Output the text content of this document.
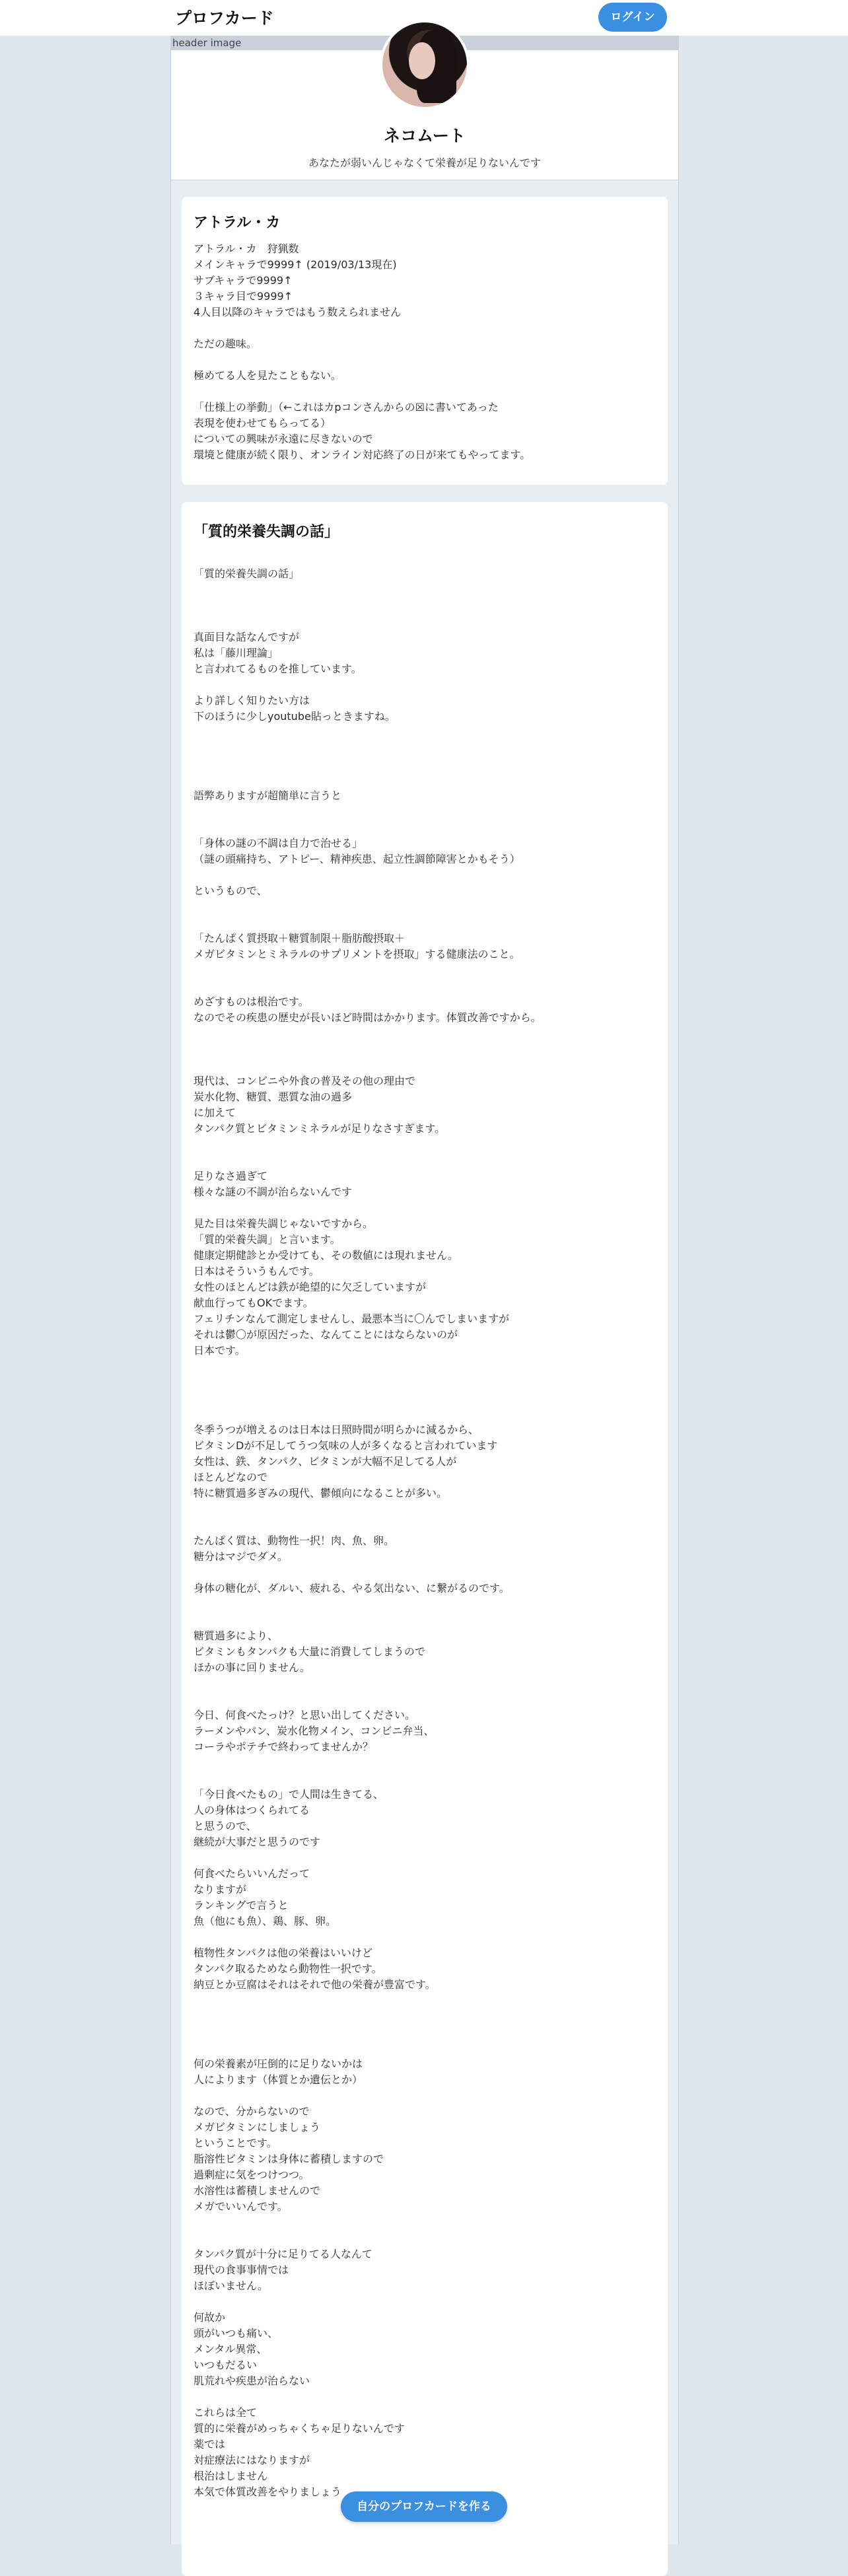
プロフカード	ログイン
header image
ネコムート
あなたが弱いんじゃなくて栄養が足りないんです
アトラル・カ
アトラル・カ　狩猟数
メインキャラで9999↑ (2019/03/13現在)
サブキャラで9999↑
３キャラ目で9999↑
4人目以降のキャラではもう数えられません

ただの趣味。

極めてる人を見たこともない。

「仕様上の挙動」（←これはカpコンさんからの☒に書いてあった
表現を使わせてもらってる）
についての興味が永遠に尽きないので
環境と健康が続く限り、オンライン対応終了の日が来てもやってます。
「質的栄養失調の話」
「質的栄養失調の話」

真面目な話なんですが
私は「藤川理論」
と言われてるものを推しています。

より詳しく知りたい方は
下のほうに少しyoutube貼っときますね。

語弊ありますが超簡単に言うと

「身体の謎の不調は自力で治せる」
（謎の頭痛持ち、アトピー、精神疾患、起立性調節障害とかもそう）

というもので、

「たんぱく質摂取＋糖質制限＋脂肪酸摂取＋
メガビタミンとミネラルのサプリメントを摂取」する健康法のこと。

めざすものは根治です。
なのでその疾患の歴史が長いほど時間はかかります。体質改善ですから。

現代は、コンビニや外食の普及その他の理由で
炭水化物、糖質、悪質な油の過多
に加えて
タンパク質とビタミンミネラルが足りなさすぎます。

足りなさ過ぎて
様々な謎の不調が治らないんです

見た目は栄養失調じゃないですから。
「質的栄養失調」と言います。
健康定期健診とか受けても、その数値には現れません。
日本はそういうもんです。
女性のほとんどは鉄が絶望的に欠乏していますが
献血行ってもOKでます。
フェリチンなんて測定しませんし、最悪本当に〇んでしまいますが
それは鬱〇が原因だった、なんてことにはならないのが
日本です。

冬季うつが増えるのは日本は日照時間が明らかに減るから、
ビタミンDが不足してうつ気味の人が多くなると言われています
女性は、鉄、タンパク、ビタミンが大幅不足してる人が
ほとんどなので
特に糖質過多ぎみの現代、鬱傾向になることが多い。

たんぱく質は、動物性一択！肉、魚、卵。
糖分はマジでダメ。

身体の糖化が、ダルい、疲れる、やる気出ない、に繋がるのです。

糖質過多により、
ビタミンもタンパクも大量に消費してしまうので
ほかの事に回りません。

今日、何食べたっけ？と思い出してください。
ラーメンやパン、炭水化物メイン、コンビニ弁当、
コーラやポテチで終わってませんか？

「今日食べたもの」で人間は生きてる、
人の身体はつくられてる
と思うので、
継続が大事だと思うのです

何食べたらいいんだって
なりますが
ランキングで言うと
魚（他にも魚）、鶏、豚、卵。

植物性タンパクは他の栄養はいいけど
タンパク取るためなら動物性一択です。
納豆とか豆腐はそれはそれで他の栄養が豊富です。

何の栄養素が圧倒的に足りないかは
人によります（体質とか遺伝とか）

なので、分からないので
メガビタミンにしましょう
ということです。
脂溶性ビタミンは身体に蓄積しますので
過剰症に気をつけつつ。
水溶性は蓄積しませんので
メガでいいんです。

タンパク質が十分に足りてる人なんて
現代の食事事情では
ほぼいません。

何故か
頭がいつも痛い、
メンタル異常、
いつもだるい
肌荒れや疾患が治らない

これらは全て
質的に栄養がめっちゃくちゃ足りないんです
薬では
対症療法にはなりますが
根治はしません
本気で体質改善をやりましょう
自分のプロフカードを作る
